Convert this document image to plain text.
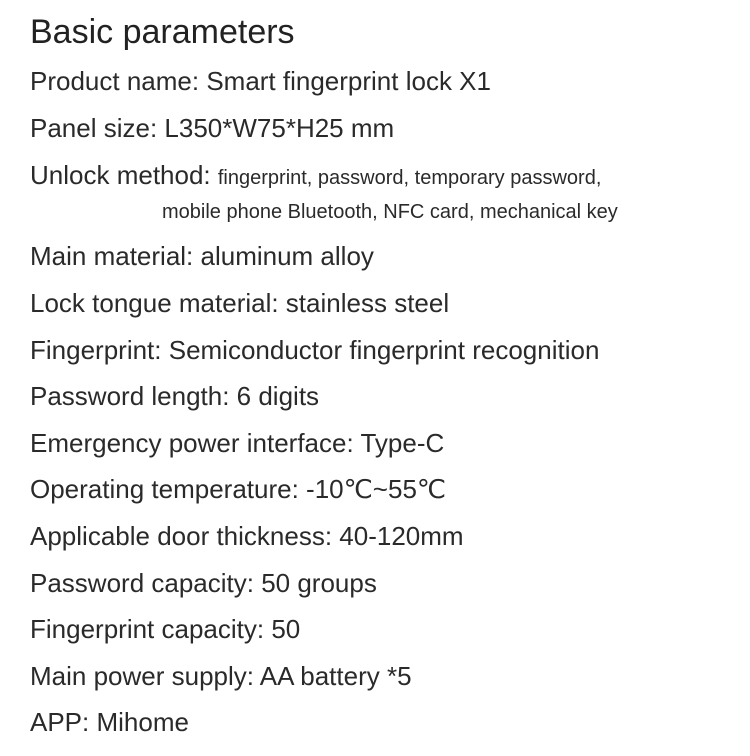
Basic parameters
Product name: Smart fingerprint lock X1
Panel size: L350*W75*H25 mm
Unlock method: fingerprint, password, temporary password,
mobile phone Bluetooth, NFC card, mechanical key
Main material: aluminum alloy
Lock tongue material: stainless steel
Fingerprint: Semiconductor fingerprint recognition
Password length: 6 digits
Emergency power interface: Type-C
Operating temperature: -10℃~55℃
Applicable door thickness: 40-120mm
Password capacity: 50 groups
Fingerprint capacity: 50
Main power supply: AA battery *5
APP: Mihome
